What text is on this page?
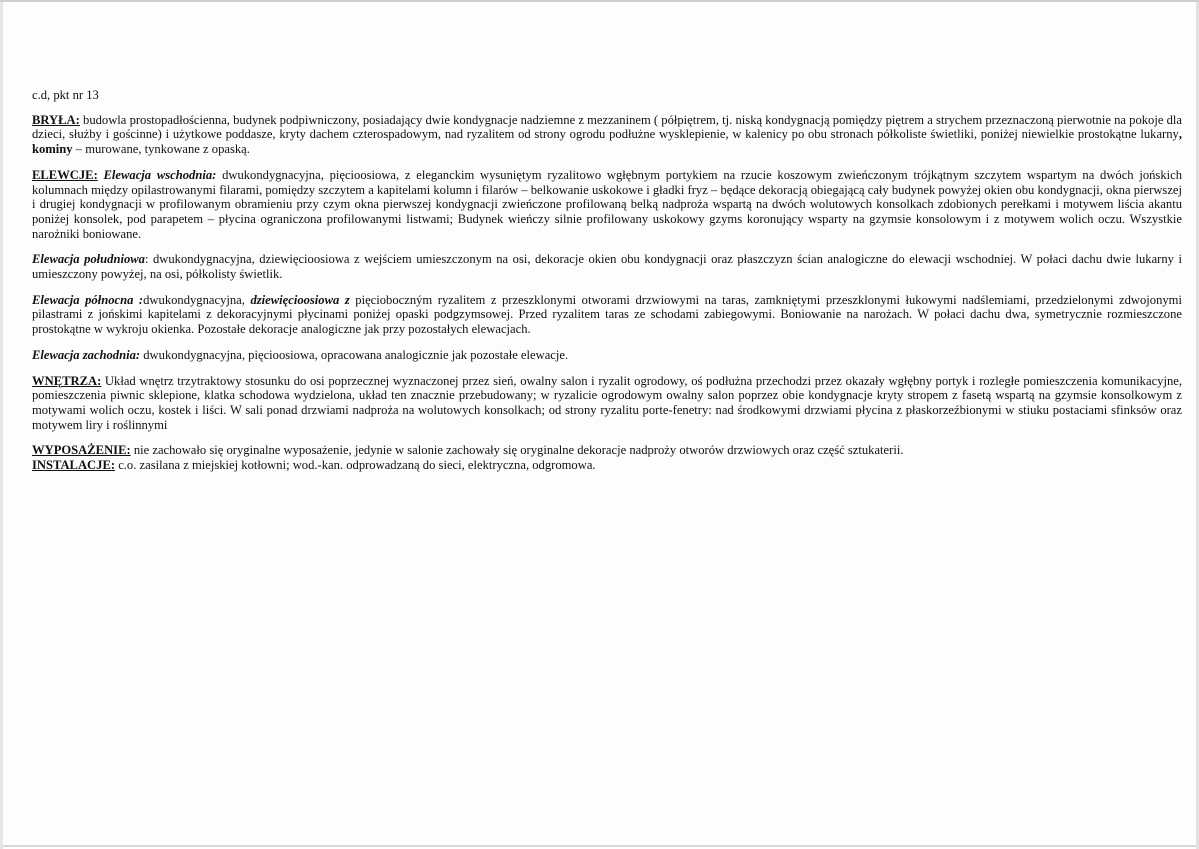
c.d, pkt nr 13

BRYŁA: budowla prostopadłościenna, budynek podpiwniczony, posiadający dwie kondygnacje nadziemne z mezzaninem ( półpiętrem, tj. niską kondygnacją pomiędzy piętrem a strychem przeznaczoną pierwotnie na pokoje dla dzieci, służby i gościnne) i użytkowe poddasze, kryty dachem czterospadowym, nad ryzalitem od strony ogrodu podłużne wysklepienie, w kalenicy po obu stronach półkoliste świetliki, poniżej niewielkie prostokątne lukarny, kominy – murowane, tynkowane z opaską.

ELEWCJE: Elewacja wschodnia: dwukondygnacyjna, pięcioosiowa, z eleganckim wysuniętym ryzalitowo wgłębnym portykiem na rzucie koszowym zwieńczonym trójkątnym szczytem wspartym na dwóch jońskich kolumnach między opilastrowanymi filarami, pomiędzy szczytem a kapitelami kolumn i filarów – belkowanie uskokowe i gładki fryz – będące dekoracją obiegającą cały budynek powyżej okien obu kondygnacji, okna pierwszej i drugiej kondygnacji w profilowanym obramieniu przy czym okna pierwszej kondygnacji zwieńczone profilowaną belką nadproża wspartą na dwóch wolutowych konsolkach zdobionych perełkami i motywem liścia akantu poniżej konsolek, pod parapetem – płycina ograniczona profilowanymi listwami; Budynek wieńczy silnie profilowany uskokowy gzyms koronujący wsparty na gzymsie konsolowym i z motywem wolich oczu. Wszystkie narożniki boniowane.

Elewacja południowa: dwukondygnacyjna, dziewięcioosiowa z wejściem umieszczonym na osi, dekoracje okien obu kondygnacji oraz płaszczyzn ścian analogiczne do elewacji wschodniej. W połaci dachu dwie lukarny i umieszczony powyżej, na osi, półkolisty świetlik.

Elewacja północna :dwukondygnacyjna, dziewięcioosiowa z pięcioboczným ryzalitem z przeszklonymi otworami drzwiowymi na taras, zamkniętymi przeszklonymi łukowymi nadślemiami, przedzielonymi zdwojonymi pilastrami z jońskimi kapitelami z dekoracyjnymi płycinami poniżej opaski podgzymsowej. Przed ryzalitem taras ze schodami zabiegowymi. Boniowanie na narożach. W połaci dachu dwa, symetrycznie rozmieszczone prostokątne w wykroju okienka. Pozostałe dekoracje analogiczne jak przy pozostałych elewacjach.

Elewacja zachodnia: dwukondygnacyjna, pięcioosiowa, opracowana analogicznie jak pozostałe elewacje.

WNĘTRZA: Układ wnętrz trzytraktowy stosunku do osi poprzecznej wyznaczonej przez sień, owalny salon i ryzalit ogrodowy, oś podłużna przechodzi przez okazały wgłębny portyk i rozległe pomieszczenia komunikacyjne, pomieszczenia piwnic sklepione, klatka schodowa wydzielona, układ ten znacznie przebudowany; w ryzalicie ogrodowym owalny salon poprzez obie kondygnacje kryty stropem z fasetą wspartą na gzymsie konsolkowym z motywami wolich oczu, kostek i liści. W sali ponad drzwiami nadproża na wolutowych konsolkach; od strony ryzalitu porte-fenetry: nad środkowymi drzwiami płycina z płaskorzeźbionymi w stiuku postaciami sfinksów oraz motywem liry i roślinnymi

WYPOSAŻENIE: nie zachowało się oryginalne wyposażenie, jedynie w salonie zachowały się oryginalne dekoracje nadproży otworów drzwiowych oraz część sztukaterii.

INSTALACJE: c.o. zasilana z miejskiej kotłowni; wod.-kan. odprowadzaną do sieci, elektryczna, odgromowa.
